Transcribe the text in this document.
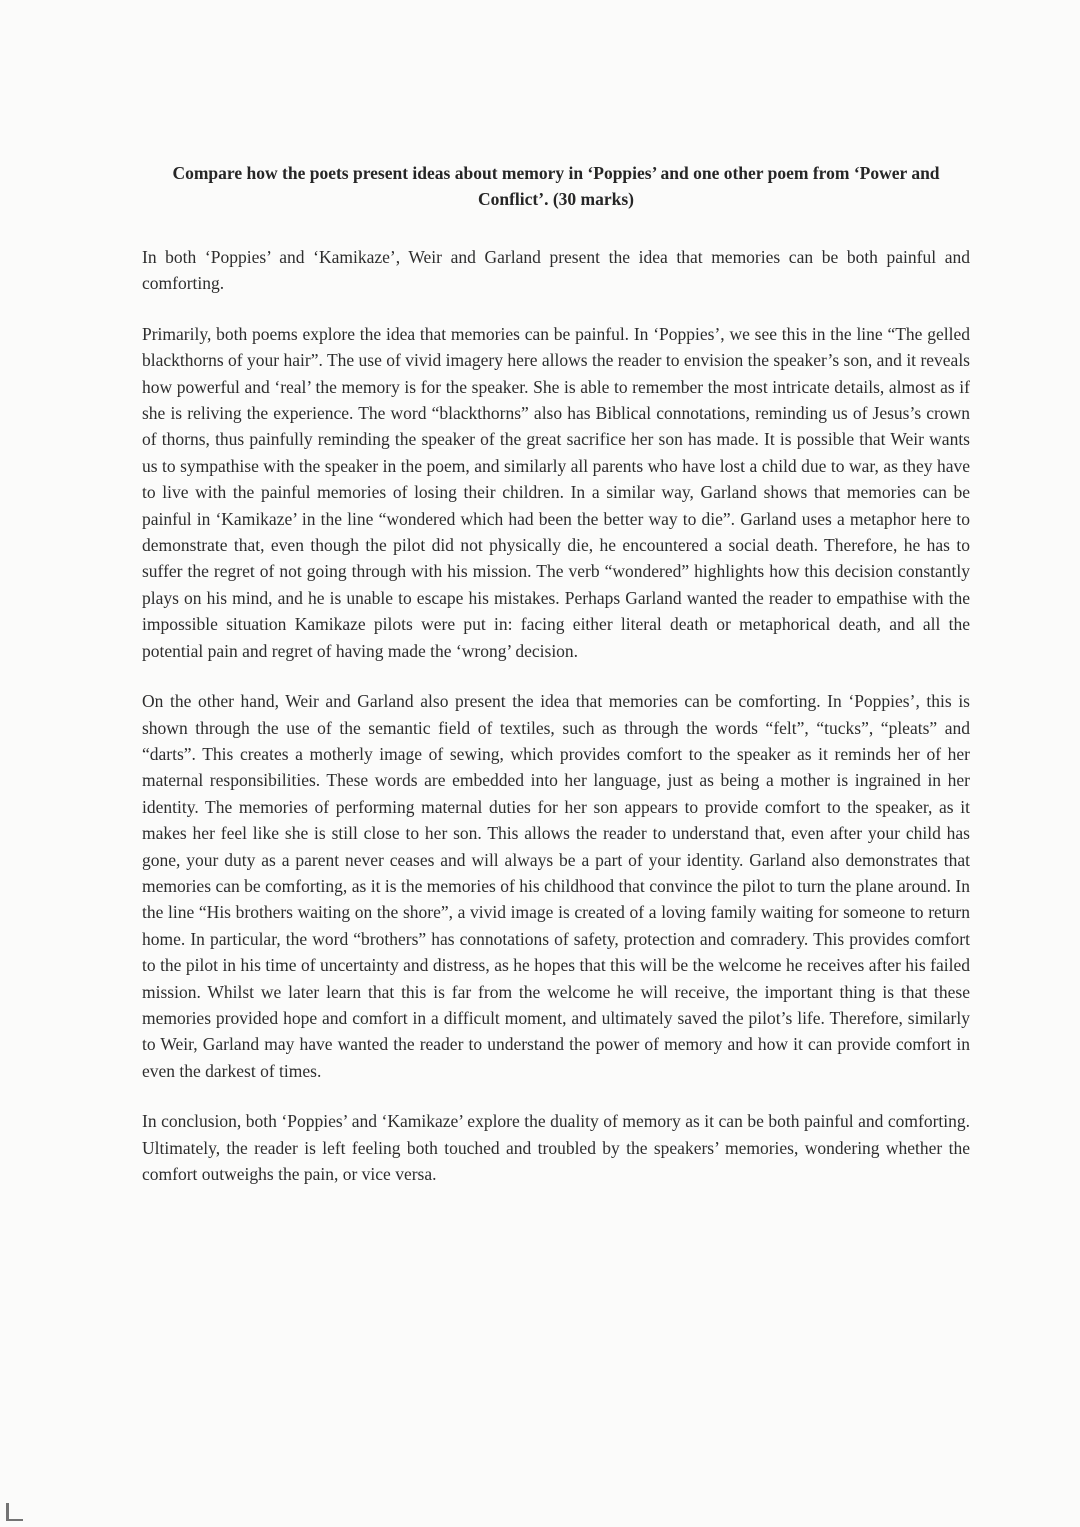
Compare how the poets present ideas about memory in ‘Poppies’ and one other poem from ‘Power and Conflict’. (30 marks)

In both ‘Poppies’ and ‘Kamikaze’, Weir and Garland present the idea that memories can be both painful and comforting.

Primarily, both poems explore the idea that memories can be painful. In ‘Poppies’, we see this in the line “The gelled blackthorns of your hair”. The use of vivid imagery here allows the reader to envision the speaker’s son, and it reveals how powerful and ‘real’ the memory is for the speaker. She is able to remember the most intricate details, almost as if she is reliving the experience. The word “blackthorns” also has Biblical connotations, reminding us of Jesus’s crown of thorns, thus painfully reminding the speaker of the great sacrifice her son has made. It is possible that Weir wants us to sympathise with the speaker in the poem, and similarly all parents who have lost a child due to war, as they have to live with the painful memories of losing their children. In a similar way, Garland shows that memories can be painful in ‘Kamikaze’ in the line “wondered which had been the better way to die”. Garland uses a metaphor here to demonstrate that, even though the pilot did not physically die, he encountered a social death. Therefore, he has to suffer the regret of not going through with his mission. The verb “wondered” highlights how this decision constantly plays on his mind, and he is unable to escape his mistakes. Perhaps Garland wanted the reader to empathise with the impossible situation Kamikaze pilots were put in: facing either literal death or metaphorical death, and all the potential pain and regret of having made the ‘wrong’ decision.

On the other hand, Weir and Garland also present the idea that memories can be comforting. In ‘Poppies’, this is shown through the use of the semantic field of textiles, such as through the words “felt”, “tucks”, “pleats” and “darts”. This creates a motherly image of sewing, which provides comfort to the speaker as it reminds her of her maternal responsibilities. These words are embedded into her language, just as being a mother is ingrained in her identity. The memories of performing maternal duties for her son appears to provide comfort to the speaker, as it makes her feel like she is still close to her son. This allows the reader to understand that, even after your child has gone, your duty as a parent never ceases and will always be a part of your identity. Garland also demonstrates that memories can be comforting, as it is the memories of his childhood that convince the pilot to turn the plane around. In the line “His brothers waiting on the shore”, a vivid image is created of a loving family waiting for someone to return home. In particular, the word “brothers” has connotations of safety, protection and comradery. This provides comfort to the pilot in his time of uncertainty and distress, as he hopes that this will be the welcome he receives after his failed mission. Whilst we later learn that this is far from the welcome he will receive, the important thing is that these memories provided hope and comfort in a difficult moment, and ultimately saved the pilot’s life. Therefore, similarly to Weir, Garland may have wanted the reader to understand the power of memory and how it can provide comfort in even the darkest of times.

In conclusion, both ‘Poppies’ and ‘Kamikaze’ explore the duality of memory as it can be both painful and comforting. Ultimately, the reader is left feeling both touched and troubled by the speakers’ memories, wondering whether the comfort outweighs the pain, or vice versa.
